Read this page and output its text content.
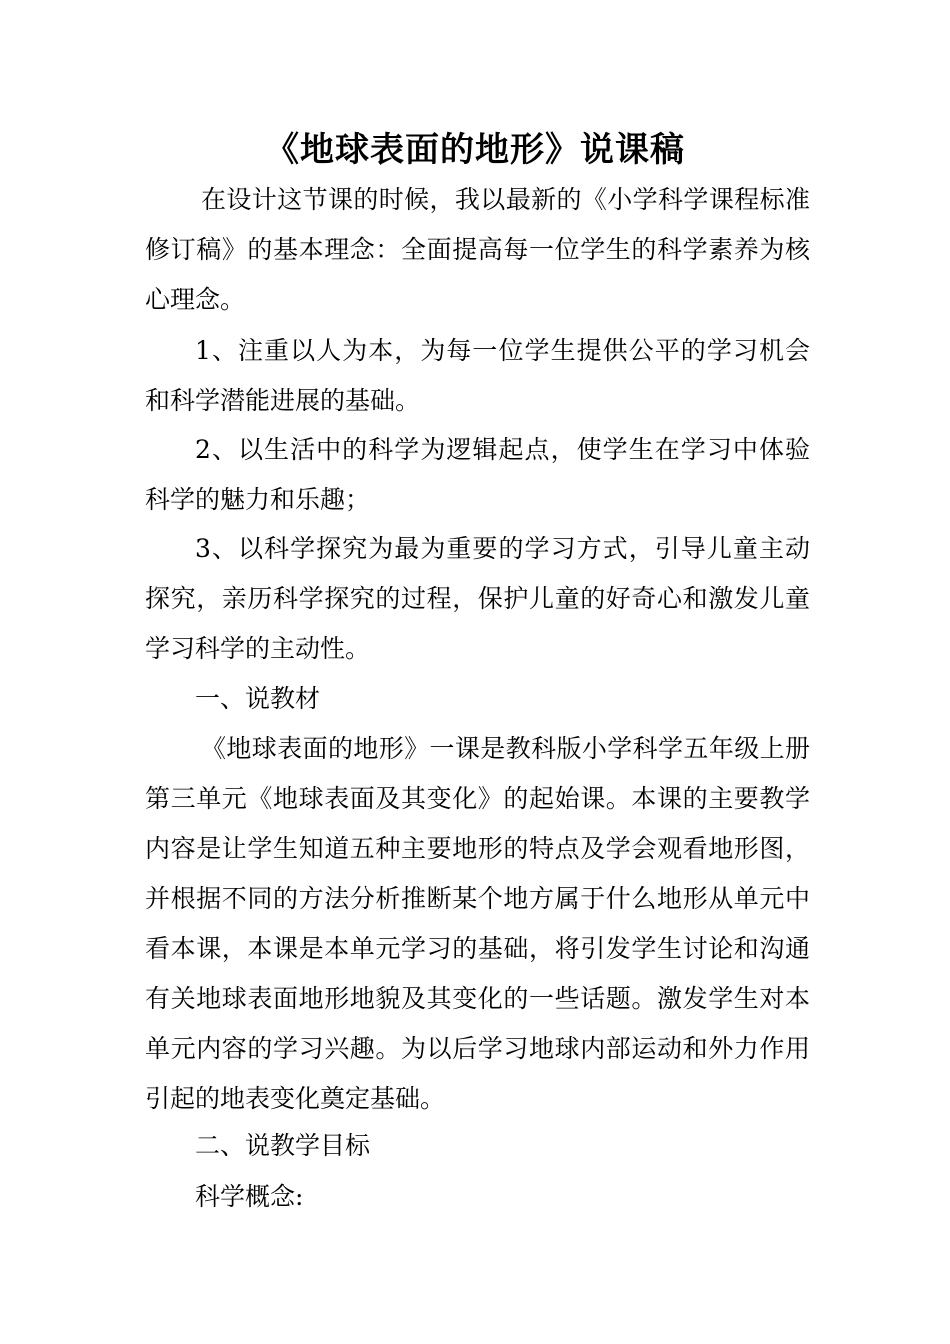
《地球表面的地形》说课稿

在设计这节课的时候，我以最新的《小学科学课程标准修订稿》的基本理念：全面提高每一位学生的科学素养为核心理念。

1、注重以人为本，为每一位学生提供公平的学习机会和科学潜能进展的基础。

2、以生活中的科学为逻辑起点，使学生在学习中体验科学的魅力和乐趣；

3、以科学探究为最为重要的学习方式，引导儿童主动探究，亲历科学探究的过程，保护儿童的好奇心和激发儿童学习科学的主动性。

一、说教材

《地球表面的地形》一课是教科版小学科学五年级上册第三单元《地球表面及其变化》的起始课。本课的主要教学内容是让学生知道五种主要地形的特点及学会观看地形图，并根据不同的方法分析推断某个地方属于什么地形从单元中看本课，本课是本单元学习的基础，将引发学生讨论和沟通有关地球表面地形地貌及其变化的一些话题。激发学生对本单元内容的学习兴趣。为以后学习地球内部运动和外力作用引起的地表变化奠定基础。

二、说教学目标

科学概念:
